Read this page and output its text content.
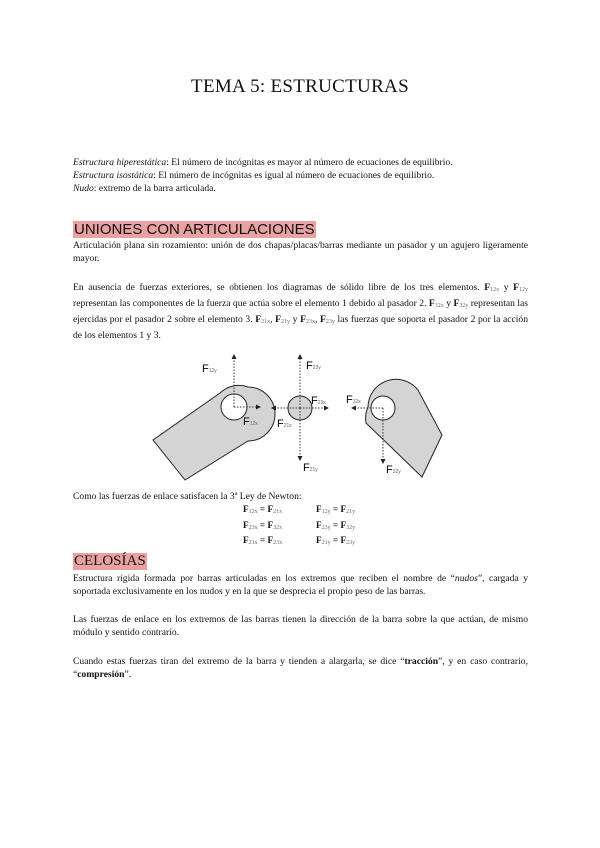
TEMA 5: ESTRUCTURAS
Estructura hiperestática: El número de incógnitas es mayor al número de ecuaciones de equilibrio.
Estructura isostática: El número de incógnitas es igual al número de ecuaciones de equilibrio.
Nudo: extremo de la barra articulada.
UNIONES CON ARTICULACIONES
Articulación plana sin rozamiento: unión de dos chapas/placas/barras mediante un pasador y un agujero ligeramente mayor.
En ausencia de fuerzas exteriores, se obtienen los diagramas de sólido libre de los tres elementos. $F_{12x}$ y $F_{12y}$ representan las componentes de la fuerza que actúa sobre el elemento 1 debido al pasador 2. $F_{32x}$ y $F_{32y}$ representan las ejercidas por el pasador 2 sobre el elemento 3. $F_{21x}$, $F_{21y}$ y $F_{23x}$, $F_{23y}$ las fuerzas que soporta el pasador 2 por la acción de los elementos 1 y 3.
F12y
F12x
F23y
F23x
F21x
F21y
F32x
F32y
Como las fuerzas de enlace satisfacen la 3ª Ley de Newton:
$F_{12x} = F_{21x}$
$F_{23x} = F_{32x}$
$F_{21x} = F_{23x}$
$F_{12y} = F_{21y}$
$F_{23y} = F_{32y}$
$F_{21y} = F_{23y}$
CELOSÍAS
Estructura rígida formada por barras articuladas en los extremos que reciben el nombre de “nudos”, cargada y soportada exclusivamente en los nudos y en la que se desprecia el propio peso de las barras.
Las fuerzas de enlace en los extremos de las barras tienen la dirección de la barra sobre la que actúan, de mismo módulo y sentido contrario.
Cuando estas fuerzas tiran del extremo de la barra y tienden a alargarla, se dice “tracción”, y en caso contrario, “compresión”.
